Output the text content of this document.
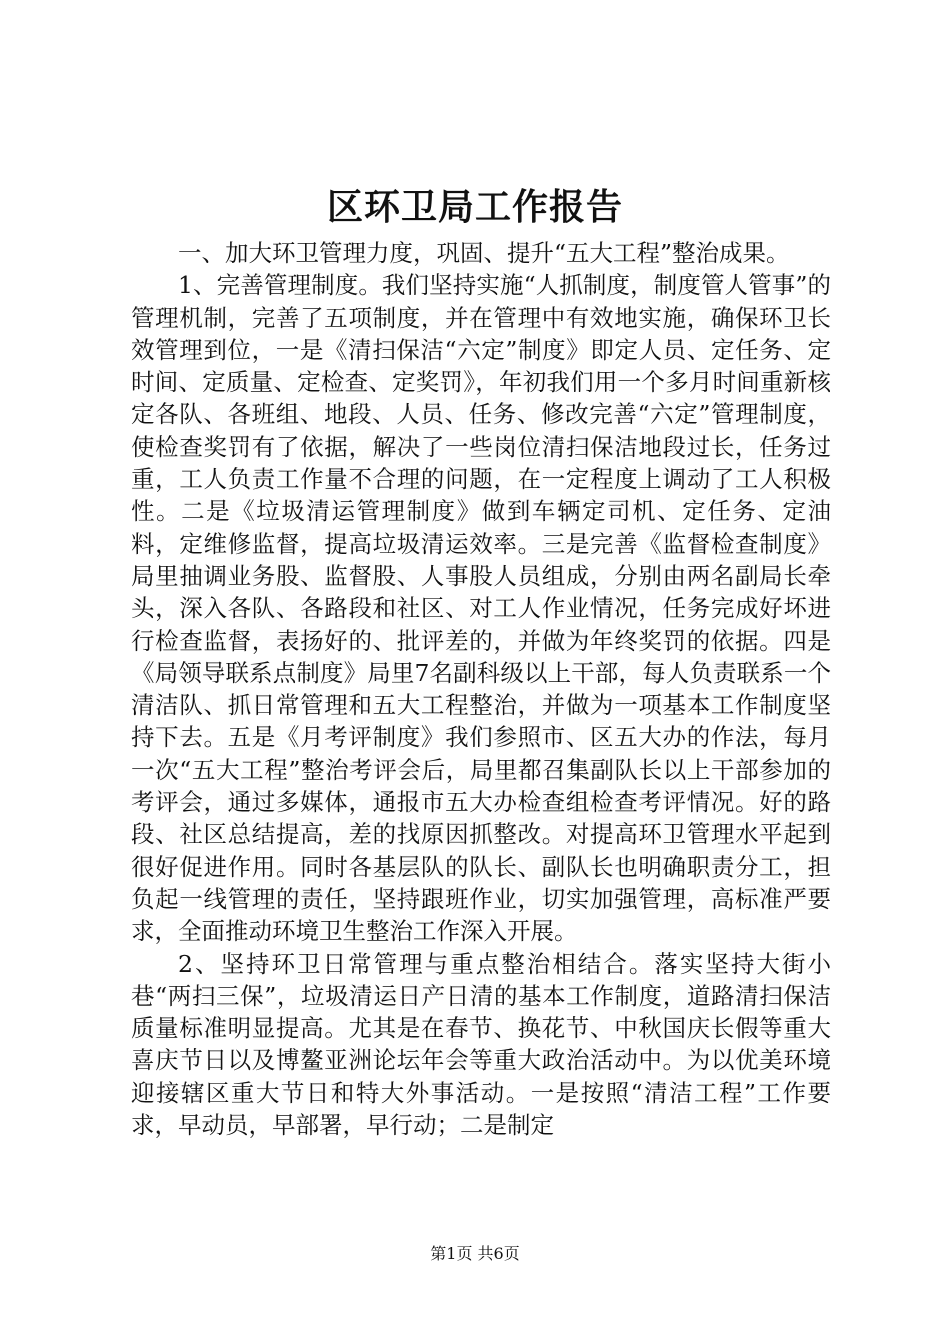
区环卫局工作报告

一、加大环卫管理力度，巩固、提升“五大工程”整治成果。

1、完善管理制度。我们坚持实施“人抓制度，制度管人管事”的管理机制，完善了五项制度，并在管理中有效地实施，确保环卫长效管理到位，一是《清扫保洁“六定”制度》即定人员、定任务、定时间、定质量、定检查、定奖罚》，年初我们用一个多月时间重新核定各队、各班组、地段、人员、任务、修改完善“六定”管理制度，使检查奖罚有了依据，解决了一些岗位清扫保洁地段过长，任务过重，工人负责工作量不合理的问题，在一定程度上调动了工人积极性。二是《垃圾清运管理制度》做到车辆定司机、定任务、定油料，定维修监督，提高垃圾清运效率。三是完善《监督检查制度》局里抽调业务股、监督股、人事股人员组成，分别由两名副局长牵头，深入各队、各路段和社区、对工人作业情况，任务完成好坏进行检查监督，表扬好的、批评差的，并做为年终奖罚的依据。四是《局领导联系点制度》局里7名副科级以上干部，每人负责联系一个清洁队、抓日常管理和五大工程整治，并做为一项基本工作制度坚持下去。五是《月考评制度》我们参照市、区五大办的作法，每月一次“五大工程”整治考评会后，局里都召集副队长以上干部参加的考评会，通过多媒体，通报市五大办检查组检查考评情况。好的路段、社区总结提高，差的找原因抓整改。对提高环卫管理水平起到很好促进作用。同时各基层队的队长、副队长也明确职责分工，担负起一线管理的责任，坚持跟班作业，切实加强管理，高标准严要求，全面推动环境卫生整治工作深入开展。

2、坚持环卫日常管理与重点整治相结合。落实坚持大街小巷“两扫三保”，垃圾清运日产日清的基本工作制度，道路清扫保洁质量标准明显提高。尤其是在春节、换花节、中秋国庆长假等重大喜庆节日以及博鳌亚洲论坛年会等重大政治活动中。为以优美环境迎接辖区重大节日和特大外事活动。一是按照“清洁工程”工作要求，早动员，早部署，早行动；二是制定

第1页 共6页
